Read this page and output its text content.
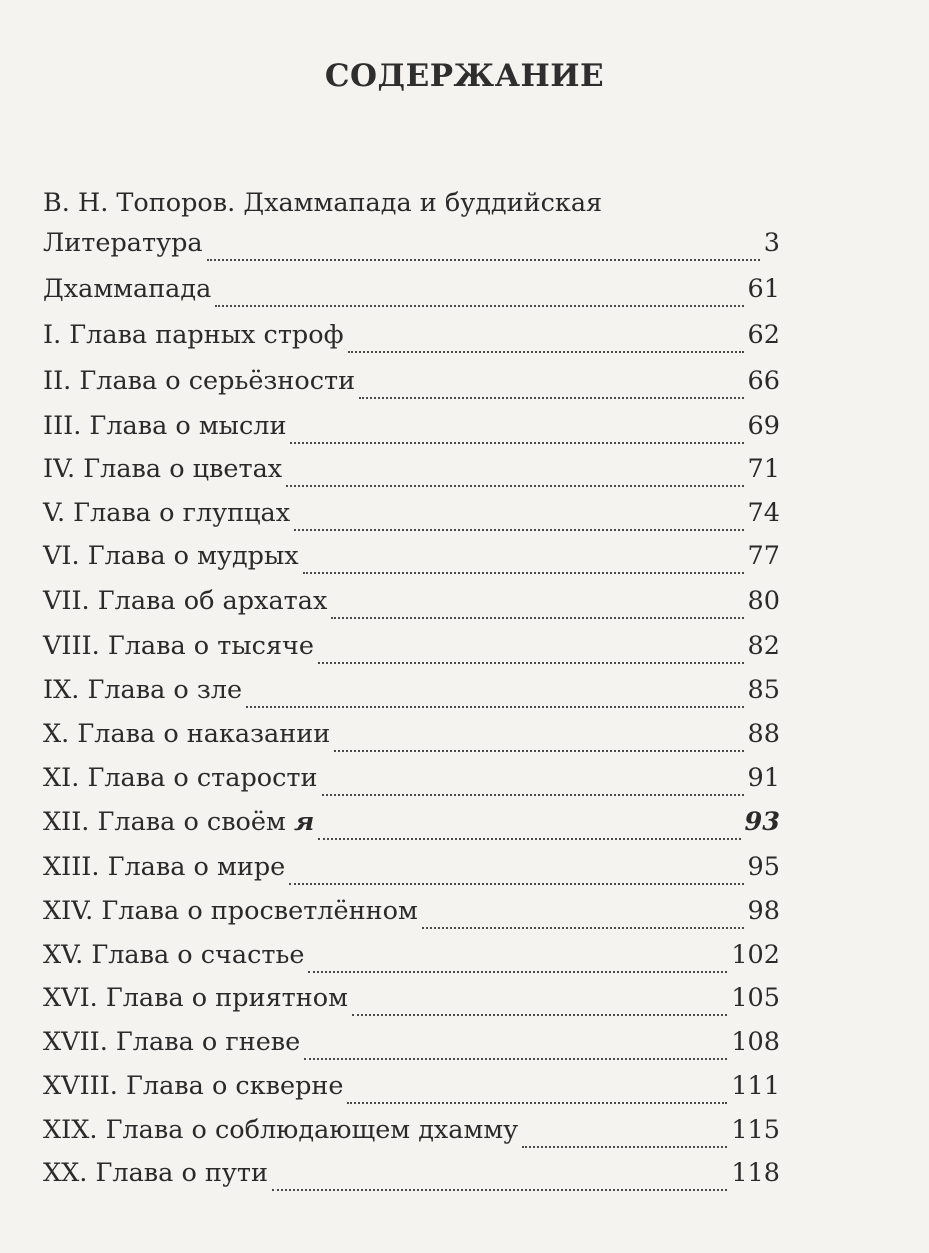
СОДЕРЖАНИЕ
В. Н. Топоров. Дхаммапада и буддийская
Литература	3
Дхаммапада	61
I. Глава парных строф	62
II. Глава о серьёзности	66
III. Глава о мысли	69
IV. Глава о цветах	71
V. Глава о глупцах	74
VI. Глава о мудрых	77
VII. Глава об архатах	80
VIII. Глава о тысяче	82
IX. Глава о зле	85
X. Глава о наказании	88
XI. Глава о старости	91
XII. Глава о своём я	93
XIII. Глава о мире	95
XIV. Глава о просветлённом	98
XV. Глава о счастье	102
XVI. Глава о приятном	105
XVII. Глава о гневе	108
XVIII. Глава о скверне	111
XIX. Глава о соблюдающем дхамму	115
XX. Глава о пути	118
